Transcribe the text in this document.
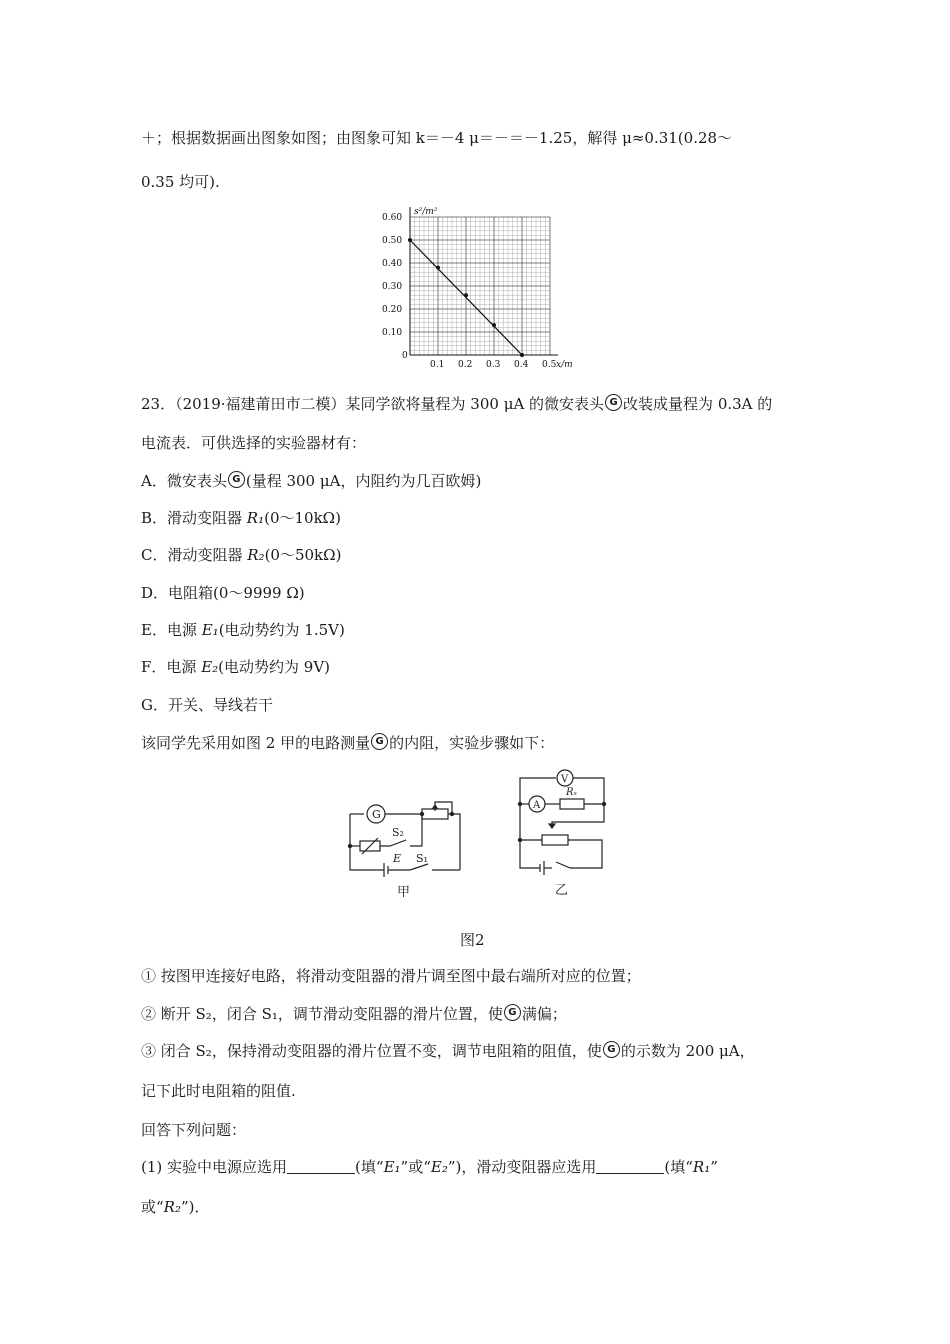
＋；根据数据画出图象如图；由图象可知 k＝－4 μ＝－＝－1.25，解得 μ≈0.31(0.28～
0.35 均可).
x/m
s²/m²
0.1 0.2 0.3 0.4 0.5
0
0.10
0.20
0.30
0.40
0.50
0.60
23．（2019·福建莆田市二模）某同学欲将量程为 300 μA 的微安表头 G 改装成量程为 0.3A 的
电流表．可供选择的实验器材有：
A．微安表头 G (量程 300 μA，内阻约为几百欧姆)
B．滑动变阻器 R₁(0～10kΩ)
C．滑动变阻器 R₂(0～50kΩ)
D．电阻箱(0～9999 Ω)
E．电源 E₁(电动势约为 1.5V)
F．电源 E₂(电动势约为 9V)
G．开关、导线若干
该同学先采用如图 2 甲的电路测量 G 的内阻，实验步骤如下：
G
E S₁
S₂
甲
V
A
Rₓ
乙
图2
① 按图甲连接好电路，将滑动变阻器的滑片调至图中最右端所对应的位置；
② 断开 S₂，闭合 S₁，调节滑动变阻器的滑片位置，使 G 满偏；
③ 闭合 S₂，保持滑动变阻器的滑片位置不变，调节电阻箱的阻值，使 G 的示数为 200 μA，
记下此时电阻箱的阻值.
回答下列问题：
(1) 实验中电源应选用	(填“E₁”或“E₂”)，滑动变阻器应选用	(填“R₁”
或“R₂”)．
